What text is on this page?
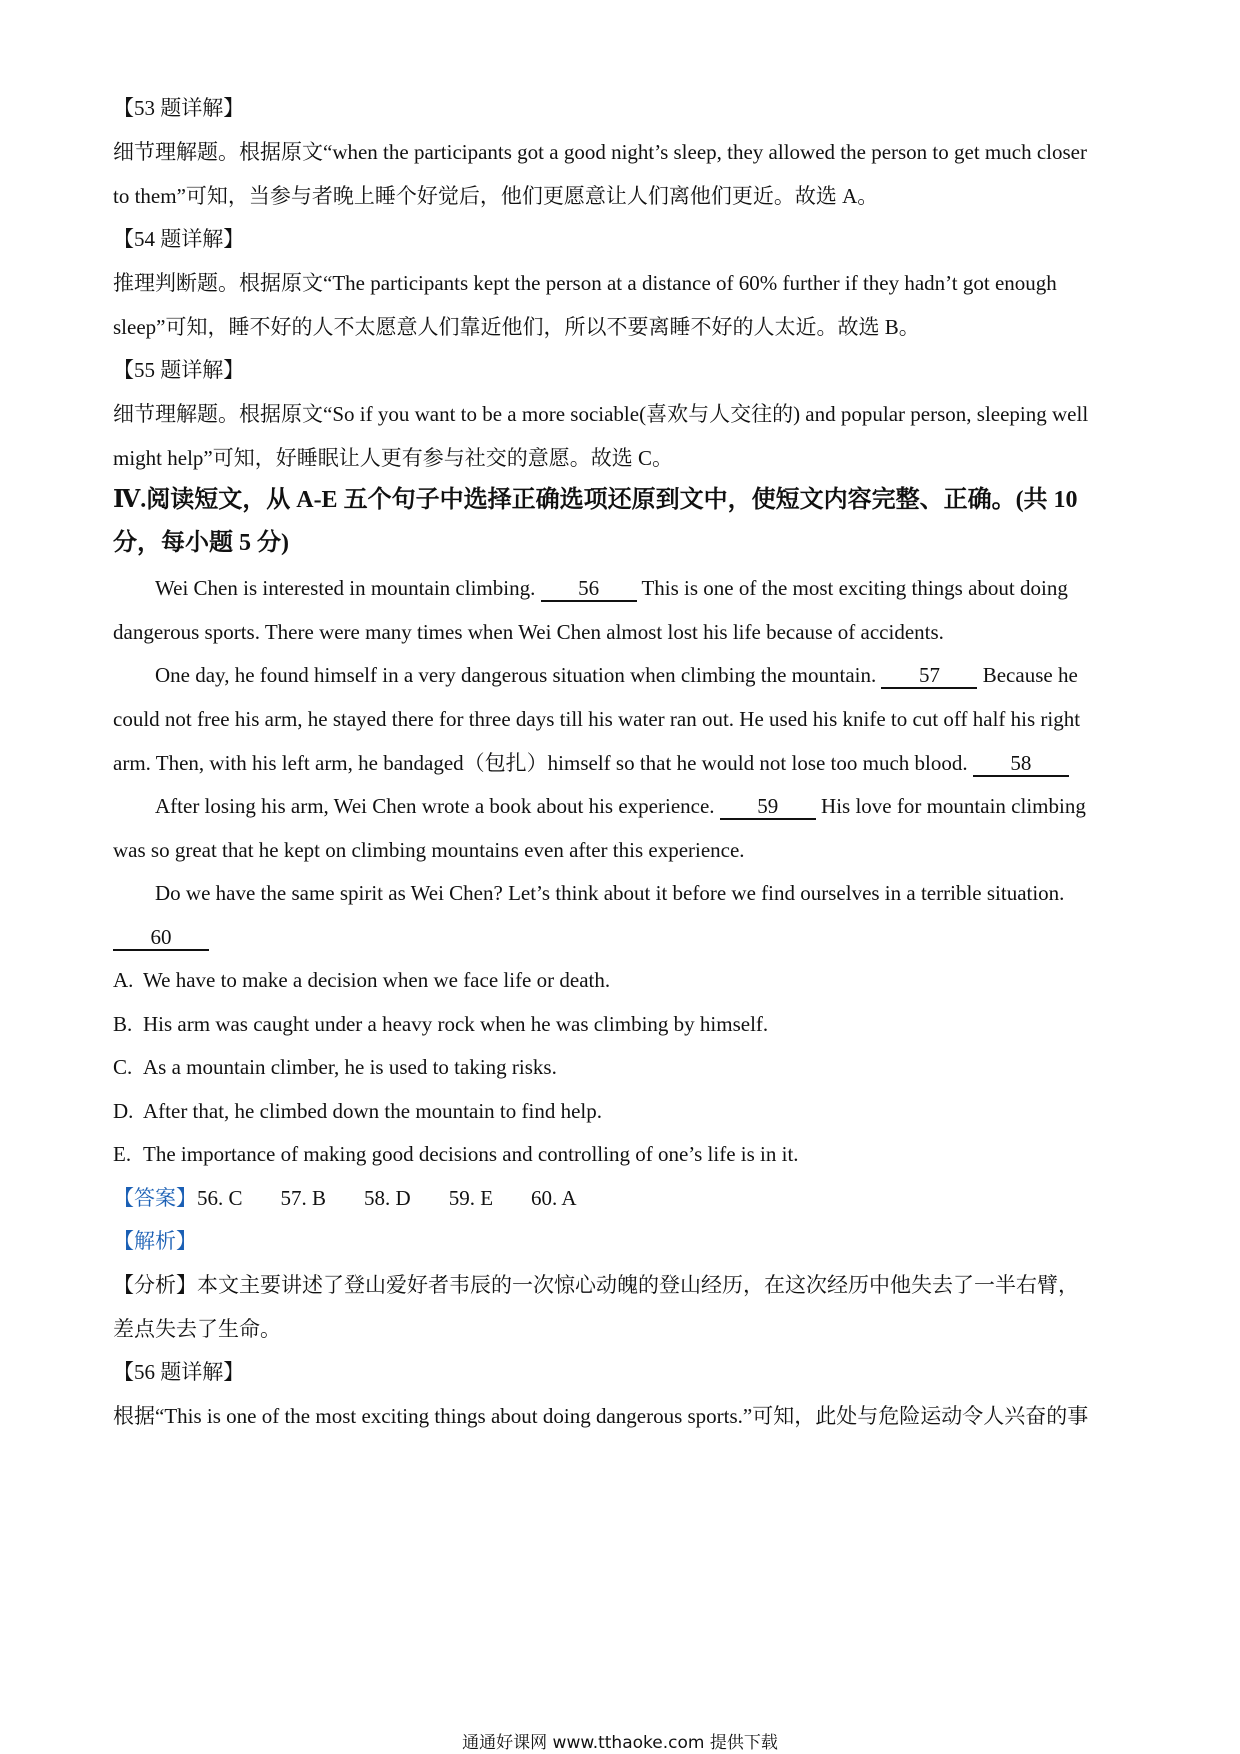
【53 题详解】
细节理解题。根据原文“when the participants got a good night’s sleep, they allowed the person to get much closer
to them”可知，当参与者晚上睡个好觉后，他们更愿意让人们离他们更近。故选 A。
【54 题详解】
推理判断题。根据原文“The participants kept the person at a distance of 60% further if they hadn’t got enough
sleep”可知，睡不好的人不太愿意人们靠近他们，所以不要离睡不好的人太近。故选 B。
【55 题详解】
细节理解题。根据原文“So if you want to be a more sociable(喜欢与人交往的) and popular person, sleeping well
might help”可知，好睡眠让人更有参与社交的意愿。故选 C。
Ⅳ.阅读短文，从 A-E 五个句子中选择正确选项还原到文中，使短文内容完整、正确。(共 10
分，每小题 5 分)
Wei Chen is interested in mountain climbing. 56 This is one of the most exciting things about doing
dangerous sports. There were many times when Wei Chen almost lost his life because of accidents.
One day, he found himself in a very dangerous situation when climbing the mountain. 57 Because he
could not free his arm, he stayed there for three days till his water ran out. He used his knife to cut off half his right
arm. Then, with his left arm, he bandaged（包扎）himself so that he would not lose too much blood. 58
After losing his arm, Wei Chen wrote a book about his experience. 59 His love for mountain climbing
was so great that he kept on climbing mountains even after this experience.
Do we have the same spirit as Wei Chen? Let’s think about it before we find ourselves in a terrible situation.
60
A. We have to make a decision when we face life or death.
B. His arm was caught under a heavy rock when he was climbing by himself.
C. As a mountain climber, he is used to taking risks.
D. After that, he climbed down the mountain to find help.
E. The importance of making good decisions and controlling of one’s life is in it.
【答案】56. C 57. B 58. D 59. E 60. A
【解析】
【分析】本文主要讲述了登山爱好者韦辰的一次惊心动魄的登山经历，在这次经历中他失去了一半右臂，
差点失去了生命。
【56 题详解】
根据“This is one of the most exciting things about doing dangerous sports.”可知，此处与危险运动令人兴奋的事
通通好课网 www.tthaoke.com 提供下载
